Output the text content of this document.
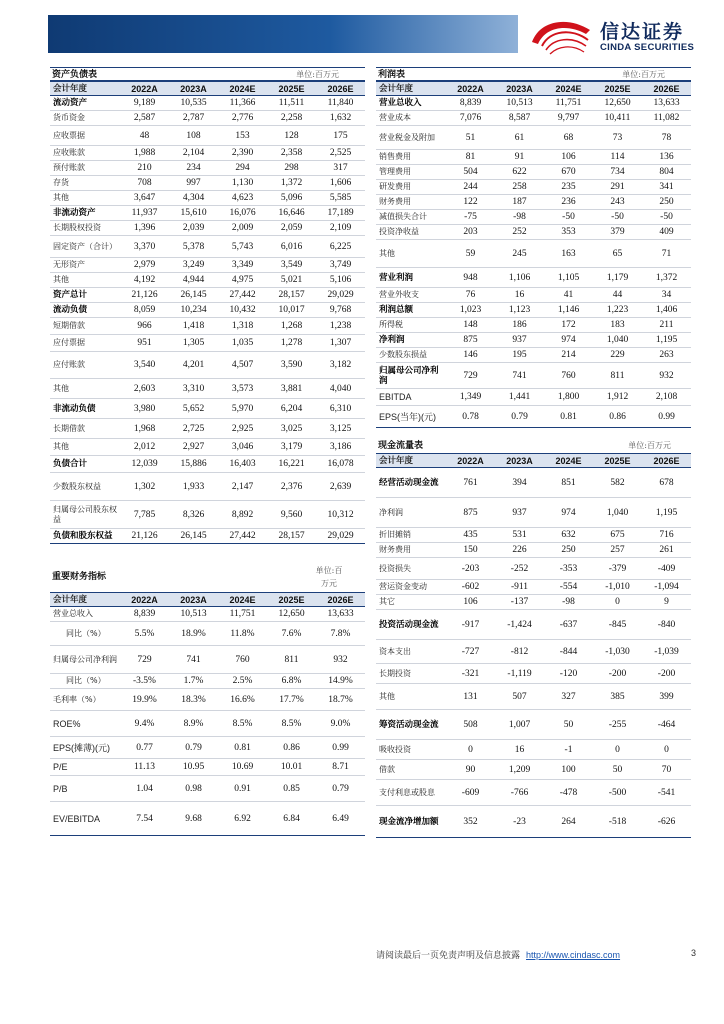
信达证券
CINDA SECURITIES
资产负债表	单位:百万元
会计年度	2022A	2023A	2024E	2025E	2026E
流动资产	9,189	10,535	11,366	11,511	11,840
货币资金	2,587	2,787	2,776	2,258	1,632
应收票据	48	108	153	128	175
应收账款	1,988	2,104	2,390	2,358	2,525
预付账款	210	234	294	298	317
存货	708	997	1,130	1,372	1,606
其他	3,647	4,304	4,623	5,096	5,585
非流动资产	11,937	15,610	16,076	16,646	17,189
长期股权投资	1,396	2,039	2,009	2,059	2,109
固定资产（合计）	3,370	5,378	5,743	6,016	6,225
无形资产	2,979	3,249	3,349	3,549	3,749
其他	4,192	4,944	4,975	5,021	5,106
资产总计	21,126	26,145	27,442	28,157	29,029
流动负债	8,059	10,234	10,432	10,017	9,768
短期借款	966	1,418	1,318	1,268	1,238
应付票据	951	1,305	1,035	1,278	1,307
应付账款	3,540	4,201	4,507	3,590	3,182
其他	2,603	3,310	3,573	3,881	4,040
非流动负债	3,980	5,652	5,970	6,204	6,310
长期借款	1,968	2,725	2,925	3,025	3,125
其他	2,012	2,927	3,046	3,179	3,186
负债合计	12,039	15,886	16,403	16,221	16,078
少数股东权益	1,302	1,933	2,147	2,376	2,639
归属母公司股东权益	7,785	8,326	8,892	9,560	10,312
负债和股东权益	21,126	26,145	27,442	28,157	29,029
利润表	单位:百万元
会计年度	2022A	2023A	2024E	2025E	2026E
营业总收入	8,839	10,513	11,751	12,650	13,633
营业成本	7,076	8,587	9,797	10,411	11,082
营业税金及附加	51	61	68	73	78
销售费用	81	91	106	114	136
管理费用	504	622	670	734	804
研发费用	244	258	235	291	341
财务费用	122	187	236	243	250
减值损失合计	-75	-98	-50	-50	-50
投资净收益	203	252	353	379	409
其他	59	245	163	65	71
营业利润	948	1,106	1,105	1,179	1,372
营业外收支	76	16	41	44	34
利润总额	1,023	1,123	1,146	1,223	1,406
所得税	148	186	172	183	211
净利润	875	937	974	1,040	1,195
少数股东损益	146	195	214	229	263
归属母公司净利润	729	741	760	811	932
EBITDA	1,349	1,441	1,800	1,912	2,108
EPS(当年)(元)	0.78	0.79	0.81	0.86	0.99
现金流量表	单位:百万元
会计年度	2022A	2023A	2024E	2025E	2026E
经营活动现金流	761	394	851	582	678
净利润	875	937	974	1,040	1,195
折旧摊销	435	531	632	675	716
财务费用	150	226	250	257	261
投资损失	-203	-252	-353	-379	-409
营运资金变动	-602	-911	-554	-1,010	-1,094
其它	106	-137	-98	0	9
投资活动现金流	-917	-1,424	-637	-845	-840
资本支出	-727	-812	-844	-1,030	-1,039
长期投资	-321	-1,119	-120	-200	-200
其他	131	507	327	385	399
筹资活动现金流	508	1,007	50	-255	-464
吸收投资	0	16	-1	0	0
借款	90	1,209	100	50	70
支付利息或股息	-609	-766	-478	-500	-541
现金流净增加额	352	-23	264	-518	-626
重要财务指标
单位:百万元
会计年度	2022A	2023A	2024E	2025E	2026E
营业总收入	8,839	10,513	11,751	12,650	13,633
同比（%）	5.5%	18.9%	11.8%	7.6%	7.8%
归属母公司净利润	729	741	760	811	932
同比（%）	-3.5%	1.7%	2.5%	6.8%	14.9%
毛利率（%）	19.9%	18.3%	16.6%	17.7%	18.7%
ROE%	9.4%	8.9%	8.5%	8.5%	9.0%
EPS(摊薄)(元)	0.77	0.79	0.81	0.86	0.99
P/E	11.13	10.95	10.69	10.01	8.71
P/B	1.04	0.98	0.91	0.85	0.79
EV/EBITDA	7.54	9.68	6.92	6.84	6.49
请阅读最后一页免责声明及信息披露 http://www.cindasc.com	3
